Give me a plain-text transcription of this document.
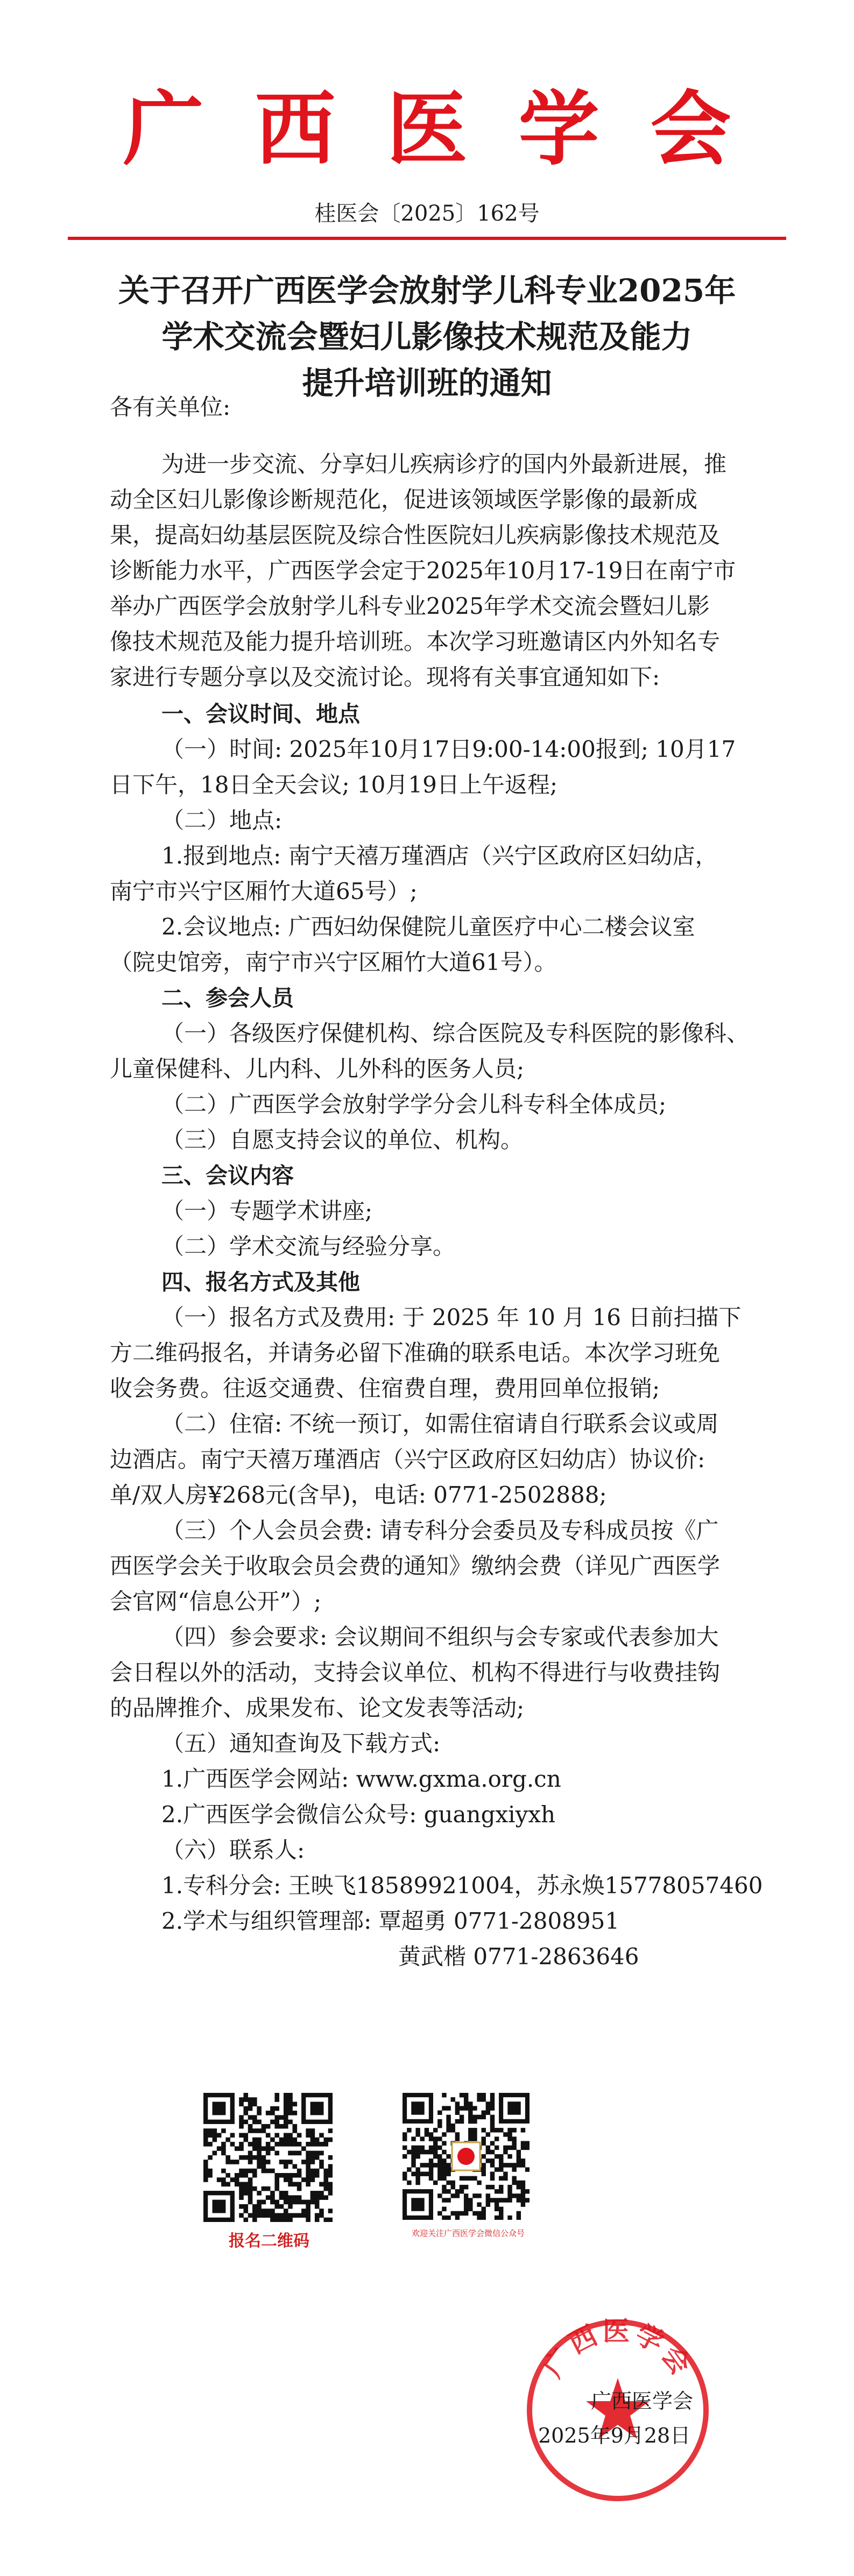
广西医学会
桂医会〔2025〕162号
关于召开广西医学会放射学儿科专业2025年
学术交流会暨妇儿影像技术规范及能力
提升培训班的通知
各有关单位:
为进一步交流、分享妇儿疾病诊疗的国内外最新进展，推
动全区妇儿影像诊断规范化，促进该领域医学影像的最新成
果，提高妇幼基层医院及综合性医院妇儿疾病影像技术规范及
诊断能力水平，广西医学会定于2025年10月17-19日在南宁市
举办广西医学会放射学儿科专业2025年学术交流会暨妇儿影
像技术规范及能力提升培训班。本次学习班邀请区内外知名专
家进行专题分享以及交流讨论。现将有关事宜通知如下:
一、会议时间、地点
（一）时间: 2025年10月17日9:00-14:00报到; 10月17
日下午，18日全天会议; 10月19日上午返程;
（二）地点:
1.报到地点: 南宁天禧万瑾酒店（兴宁区政府区妇幼店，
南宁市兴宁区厢竹大道65号）;
2.会议地点: 广西妇幼保健院儿童医疗中心二楼会议室
（院史馆旁，南宁市兴宁区厢竹大道61号）。
二、参会人员
（一）各级医疗保健机构、综合医院及专科医院的影像科、
儿童保健科、儿内科、儿外科的医务人员;
（二）广西医学会放射学学分会儿科专科全体成员;
（三）自愿支持会议的单位、机构。
三、会议内容
（一）专题学术讲座;
（二）学术交流与经验分享。
四、报名方式及其他
（一）报名方式及费用: 于 2025 年 10 月 16 日前扫描下
方二维码报名，并请务必留下准确的联系电话。本次学习班免
收会务费。往返交通费、住宿费自理，费用回单位报销;
（二）住宿: 不统一预订，如需住宿请自行联系会议或周
边酒店。南宁天禧万瑾酒店（兴宁区政府区妇幼店）协议价:
单/双人房¥268元(含早)，电话: 0771-2502888;
（三）个人会员会费: 请专科分会委员及专科成员按《广
西医学会关于收取会员会费的通知》缴纳会费（详见广西医学
会官网“信息公开”）;
（四）参会要求: 会议期间不组织与会专家或代表参加大
会日程以外的活动，支持会议单位、机构不得进行与收费挂钩
的品牌推介、成果发布、论文发表等活动;
（五）通知查询及下载方式:
1.广西医学会网站: www.gxma.org.cn
2.广西医学会微信公众号: guangxiyxh
（六）联系人:
1.专科分会: 王映飞18589921004，苏永焕15778057460
2.学术与组织管理部: 覃超勇 0771-2808951
黄武楷 0771-2863646
报名二维码	欢迎关注广西医学会微信公众号
广西医学会
广西医学会
2025年9月28日
